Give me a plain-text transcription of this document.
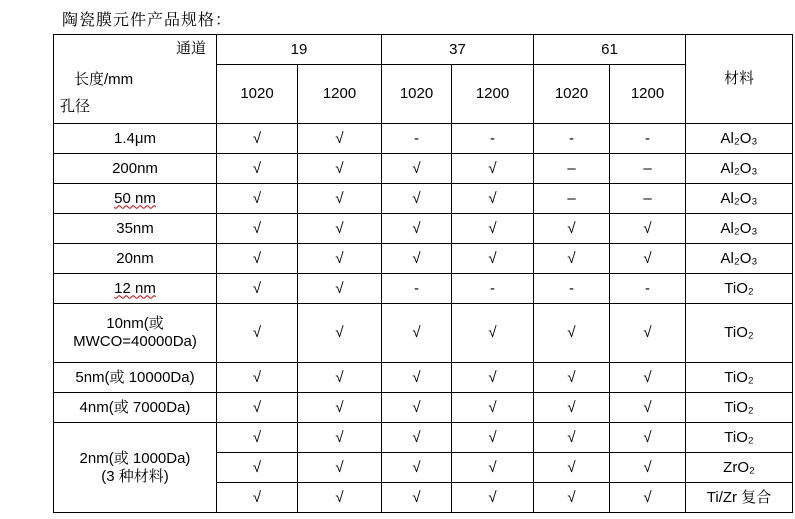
陶瓷膜元件产品规格：
通道
长度/mm
孔径	19		37		61		材料
	1020	1200	1020	1200	1020	1200	
1.4μm	√	√	-	-	-	-	Al₂O₃
200nm	√	√	√	√	–	–	Al₂O₃
50 nm	√	√	√	√	–	–	Al₂O₃
35nm	√	√	√	√	√	√	Al₂O₃
20nm	√	√	√	√	√	√	Al₂O₃
12 nm	√	√	-	-	-	-	TiO₂

10nm(或
MWCO=40000Da)	√	√	√	√	√	√	TiO₂
5nm(或 10000Da)	√	√	√	√	√	√	TiO₂
4nm(或 7000Da)	√	√	√	√	√	√	TiO₂

2nm(或 1000Da)
(3 种材料)	√	√	√	√	√	√	TiO₂
	√	√	√	√	√	√	ZrO₂
	√	√	√	√	√	√	Ti/Zr 复合
